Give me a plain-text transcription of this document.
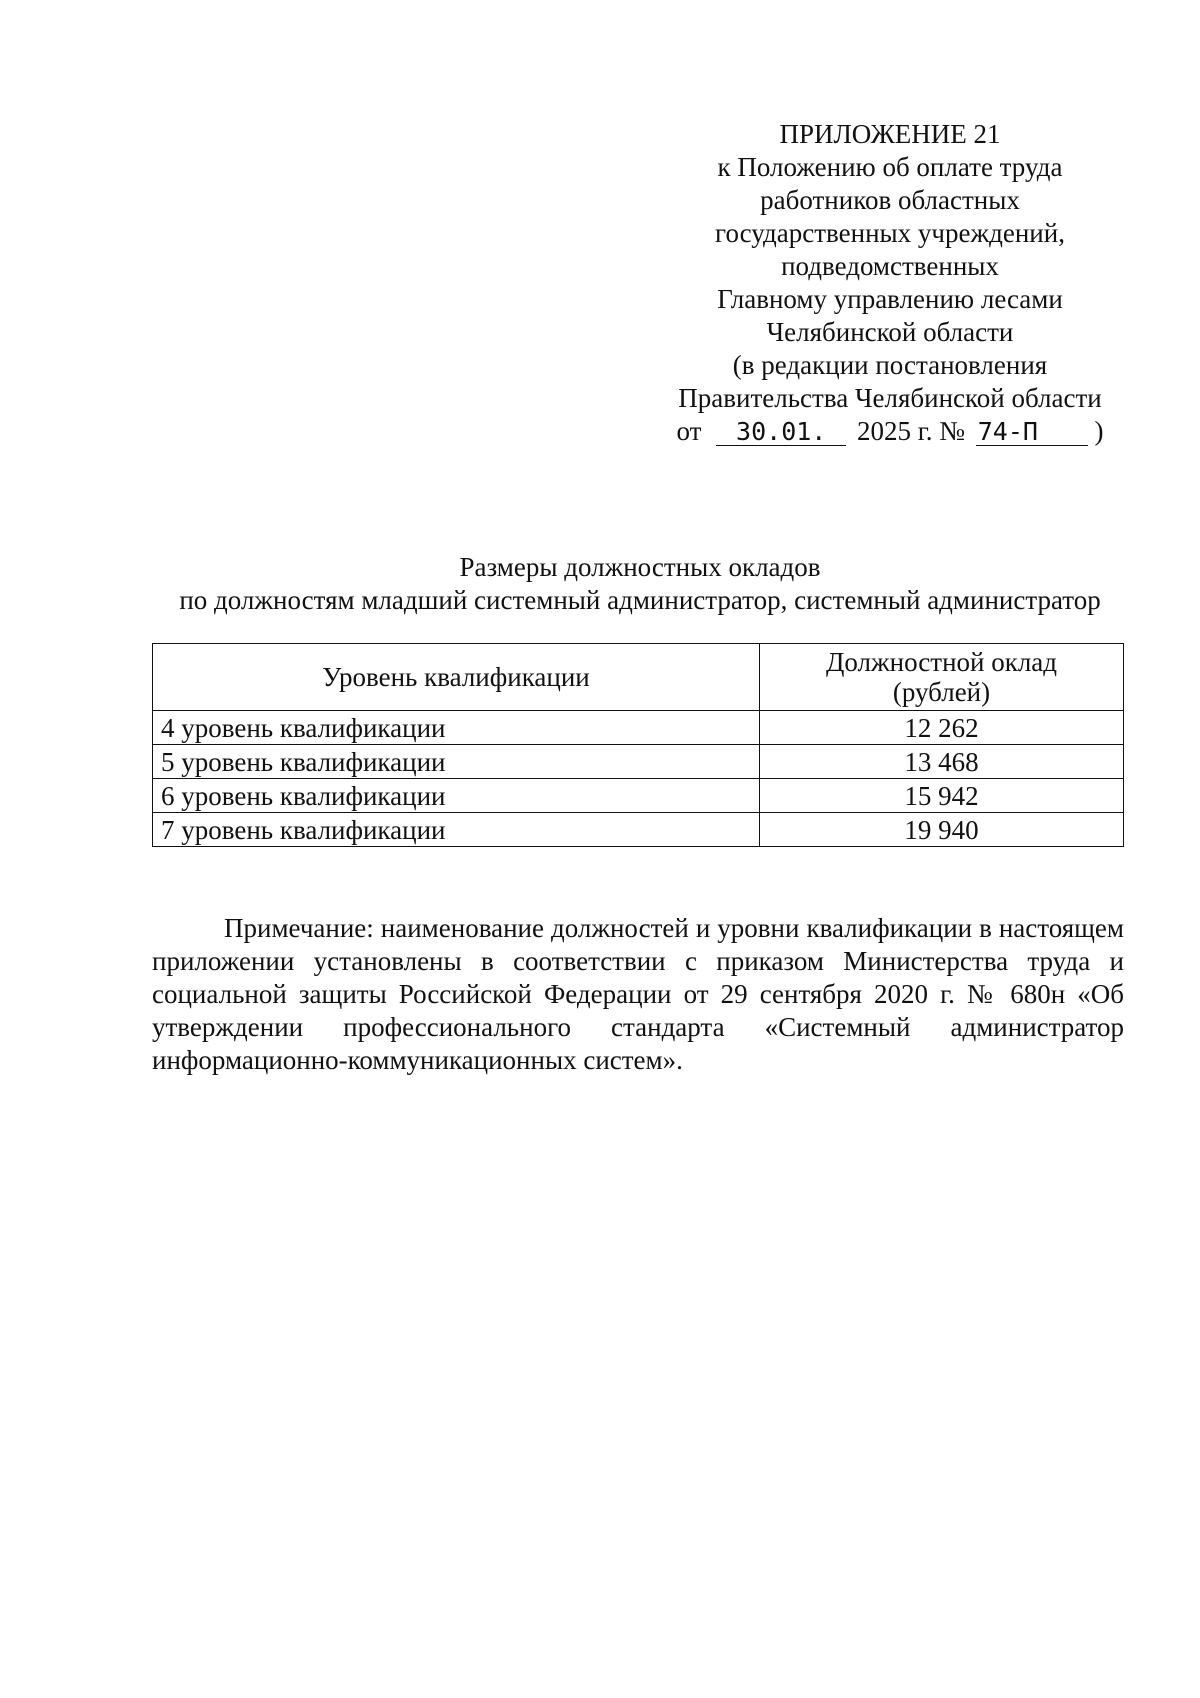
ПРИЛОЖЕНИЕ 21
к Положению об оплате труда
работников областных
государственных учреждений,
подведомственных
Главному управлению лесами
Челябинской области
(в редакции постановления
Правительства Челябинской области
от 30.01. 2025 г. № 74-П )
Размеры должностных окладов
по должностям младший системный администратор, системный администратор
Уровень квалификации	Должностной оклад
(рублей)
4 уровень квалификации	12 262
5 уровень квалификации	13 468
6 уровень квалификации	15 942
7 уровень квалификации	19 940

Примечание: наименование должностей и уровни квалификации в настоящем приложении установлены в соответствии с приказом Министерства труда и социальной защиты Российской Федерации от 29 сентября 2020 г. № 680н «Об утверждении профессионального стандарта «Системный администратор информационно-коммуникационных систем».
